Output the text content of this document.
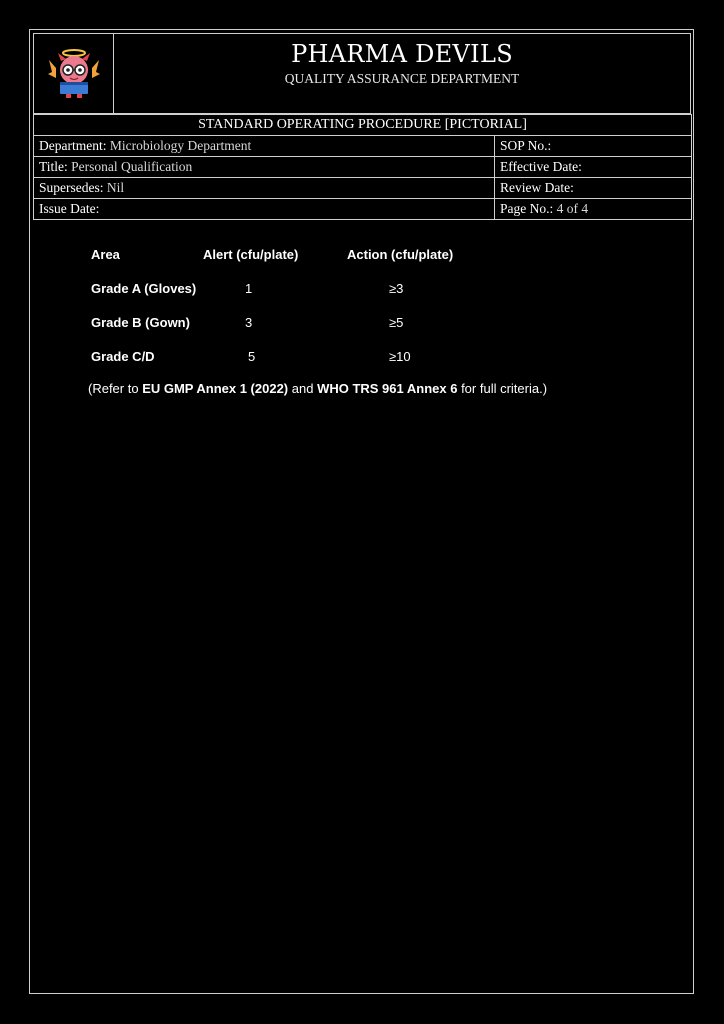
PHARMA DEVILS
QUALITY ASSURANCE DEPARTMENT
STANDARD OPERATING PROCEDURE [PICTORIAL]	
Department: Microbiology Department	SOP No.:
Title: Personal Qualification	Effective Date:
Supersedes: Nil	Review Date:
Issue Date:	Page No.: 4 of 4
Area	Alert (cfu/plate)	Action (cfu/plate)
Grade A (Gloves)	1	≥3
Grade B (Gown)	3	≥5
Grade C/D	5	≥10
(Refer to EU GMP Annex 1 (2022) and WHO TRS 961 Annex 6 for full criteria.)
